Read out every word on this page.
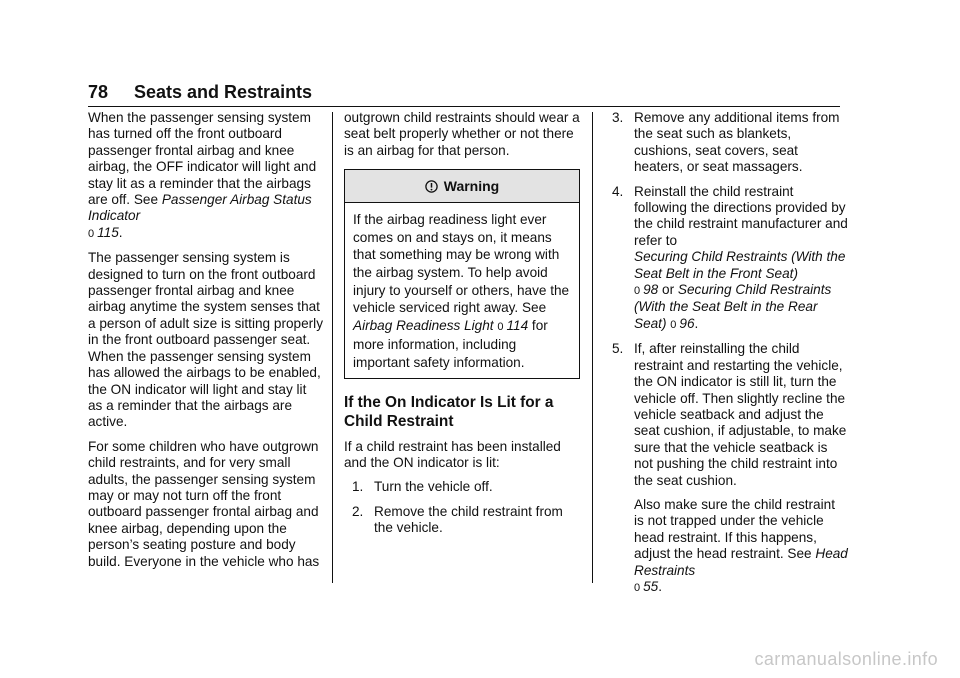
78 Seats and Restraints

When the passenger sensing system has turned off the front outboard passenger frontal airbag and knee airbag, the OFF indicator will light and stay lit as a reminder that the airbags are off. See Passenger Airbag Status Indicator
0 115.

The passenger sensing system is designed to turn on the front outboard passenger frontal airbag and knee airbag anytime the system senses that a person of adult size is sitting properly in the front outboard passenger seat. When the passenger sensing system has allowed the airbags to be enabled, the ON indicator will light and stay lit as a reminder that the airbags are active.

For some children who have outgrown child restraints, and for very small adults, the passenger sensing system may or may not turn off the front outboard passenger frontal airbag and knee airbag, depending upon the person’s seating posture and body build. Everyone in the vehicle who has

outgrown child restraints should wear a seat belt properly whether or not there is an airbag for that person.

Warning
If the airbag readiness light ever comes on and stays on, it means that something may be wrong with the airbag system. To help avoid injury to yourself or others, have the vehicle serviced right away. See Airbag Readiness Light 0 114 for more information, including important safety information.
If the On Indicator Is Lit for a Child Restraint

If a child restraint has been installed and the ON indicator is lit:

1. Turn the vehicle off.
2. Remove the child restraint from the vehicle.
3. Remove any additional items from the seat such as blankets, cushions, seat covers, seat heaters, or seat massagers.
4. Reinstall the child restraint following the directions provided by the child restraint manufacturer and refer to
Securing Child Restraints (With the Seat Belt in the Front Seat)
0 98 or Securing Child Restraints (With the Seat Belt in the Rear Seat) 0 96.
5. If, after reinstalling the child restraint and restarting the vehicle, the ON indicator is still lit, turn the vehicle off. Then slightly recline the vehicle seatback and adjust the seat cushion, if adjustable, to make sure that the vehicle seatback is not pushing the child restraint into the seat cushion.
Also make sure the child restraint is not trapped under the vehicle head restraint. If this happens, adjust the head restraint. See Head Restraints
0 55.
carmanualsonline.info
